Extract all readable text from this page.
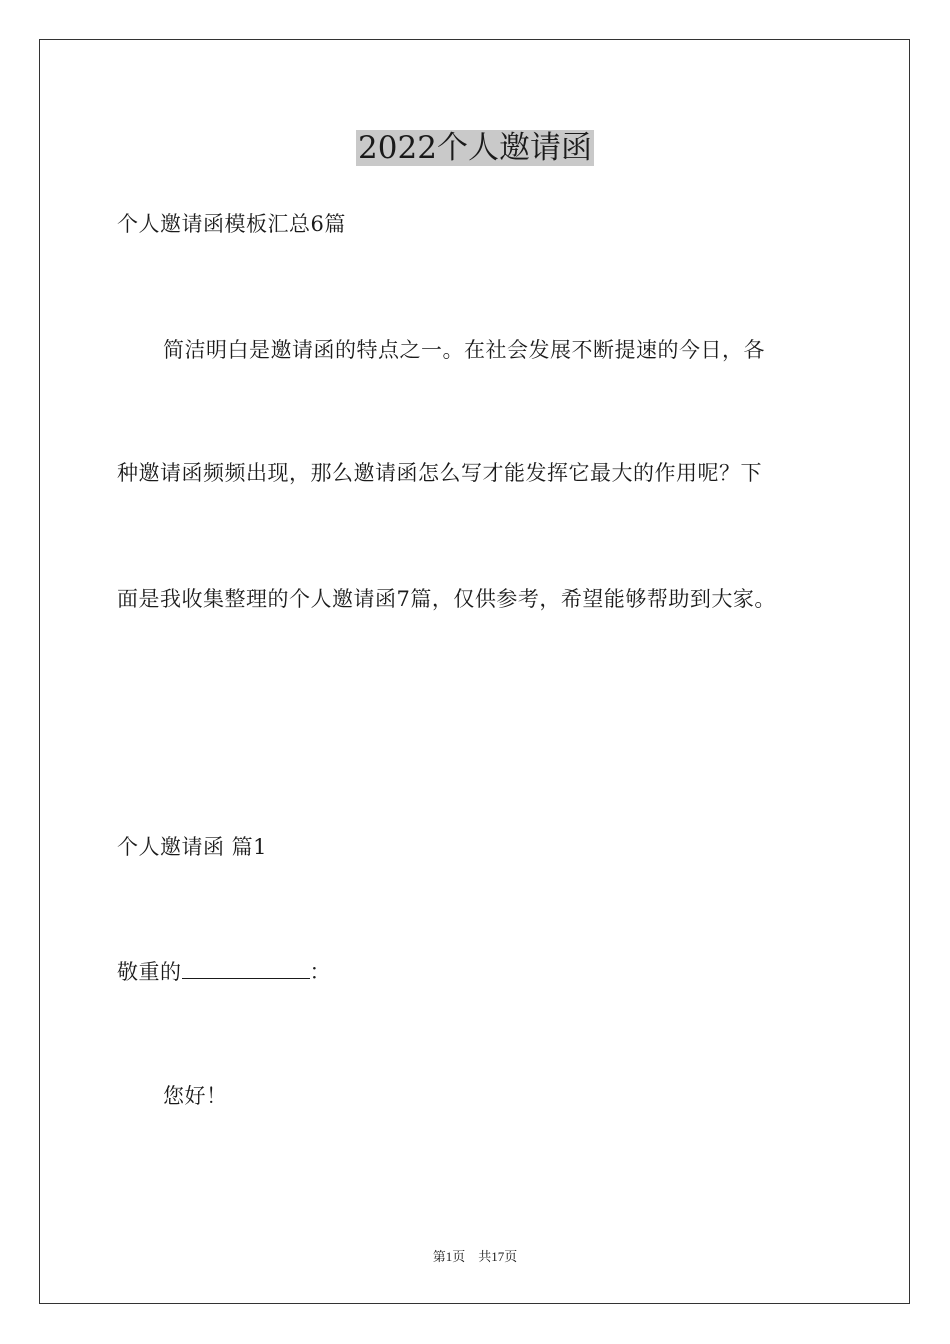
2022个人邀请函
个人邀请函模板汇总6篇
简洁明白是邀请函的特点之一。在社会发展不断提速的今日，各
种邀请函频频出现，那么邀请函怎么写才能发挥它最大的作用呢？下
面是我收集整理的个人邀请函7篇，仅供参考，希望能够帮助到大家。
个人邀请函 篇1
敬重的	：
您好！
第1页　共17页
